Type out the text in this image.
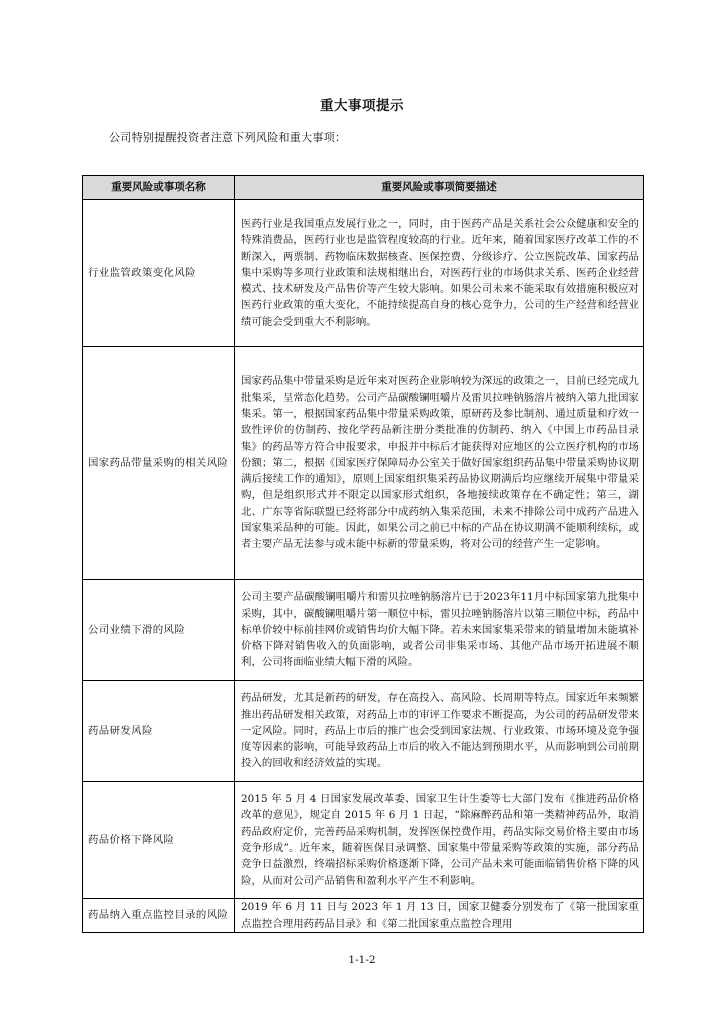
重大事项提示
公司特别提醒投资者注意下列风险和重大事项：
重要风险或事项名称	重要风险或事项简要描述
行业监管政策变化风险	医药行业是我国重点发展行业之一，同时，由于医药产品是关系社会公众健康和安全的特殊消费品，医药行业也是监管程度较高的行业。近年来，随着国家医疗改革工作的不断深入，两票制、药物临床数据核查、医保控费、分级诊疗、公立医院改革、国家药品集中采购等多项行业政策和法规相继出台，对医药行业的市场供求关系、医药企业经营模式、技术研发及产品售价等产生较大影响。如果公司未来不能采取有效措施积极应对医药行业政策的重大变化，不能持续提高自身的核心竞争力，公司的生产经营和经营业绩可能会受到重大不利影响。
国家药品带量采购的相关风险	国家药品集中带量采购是近年来对医药企业影响较为深远的政策之一，目前已经完成九批集采，呈常态化趋势。公司产品碳酸镧咀嚼片及雷贝拉唑钠肠溶片被纳入第九批国家集采。第一，根据国家药品集中带量采购政策，原研药及参比制剂、通过质量和疗效一致性评价的仿制药、按化学药品新注册分类批准的仿制药、纳入《中国上市药品目录集》的药品等方符合申报要求，申报并中标后才能获得对应地区的公立医疗机构的市场份额；第二，根据《国家医疗保障局办公室关于做好国家组织药品集中带量采购协议期满后接续工作的通知》，原则上国家组织集采药品协议期满后均应继续开展集中带量采购，但是组织形式并不限定以国家形式组织，各地接续政策存在不确定性；第三，湖北、广东等省际联盟已经将部分中成药纳入集采范围，未来不排除公司中成药产品进入国家集采品种的可能。因此，如果公司之前已中标的产品在协议期满不能顺利续标，或者主要产品无法参与或未能中标新的带量采购，将对公司的经营产生一定影响。
公司业绩下滑的风险	公司主要产品碳酸镧咀嚼片和雷贝拉唑钠肠溶片已于2023年11月中标国家第九批集中采购，其中，碳酸镧咀嚼片第一顺位中标，雷贝拉唑钠肠溶片以第三顺位中标，药品中标单价较中标前挂网价或销售均价大幅下降。若未来国家集采带来的销量增加未能填补价格下降对销售收入的负面影响，或者公司非集采市场、其他产品市场开拓进展不顺利，公司将面临业绩大幅下滑的风险。
药品研发风险	药品研发，尤其是新药的研发，存在高投入、高风险、长周期等特点。国家近年来频繁推出药品研发相关政策，对药品上市的审评工作要求不断提高，为公司的药品研发带来一定风险。同时，药品上市后的推广也会受到国家法规、行业政策、市场环境及竞争强度等因素的影响，可能导致药品上市后的收入不能达到预期水平，从而影响到公司前期投入的回收和经济效益的实现。
药品价格下降风险	2015 年 5 月 4 日国家发展改革委、国家卫生计生委等七大部门发布《推进药品价格改革的意见》，规定自 2015 年 6 月 1 日起，“除麻醉药品和第一类精神药品外，取消药品政府定价，完善药品采购机制，发挥医保控费作用，药品实际交易价格主要由市场竞争形成”。近年来，随着医保目录调整、国家集中带量采购等政策的实施，部分药品竞争日益激烈，终端招标采购价格逐渐下降，公司产品未来可能面临销售价格下降的风险，从而对公司产品销售和盈利水平产生不利影响。
药品纳入重点监控目录的风险	2019 年 6 月 11 日与 2023 年 1 月 13 日，国家卫健委分别发布了《第一批国家重点监控合理用药药品目录》和《第二批国家重点监控合理用
1-1-2
